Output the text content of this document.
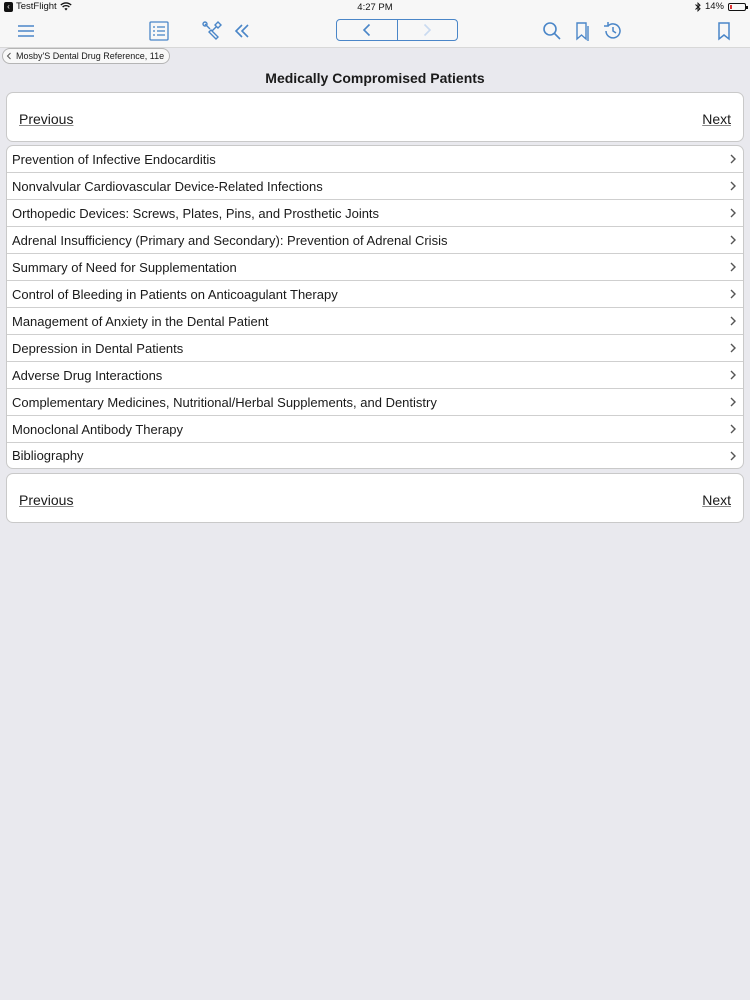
‹ TestFlight	4:27 PM	14%
Mosby'S Dental Drug Reference, 11e
Medically Compromised Patients
Previous	Next
Prevention of Infective Endocarditis
Nonvalvular Cardiovascular Device-Related Infections
Orthopedic Devices: Screws, Plates, Pins, and Prosthetic Joints
Adrenal Insufficiency (Primary and Secondary): Prevention of Adrenal Crisis
Summary of Need for Supplementation
Control of Bleeding in Patients on Anticoagulant Therapy
Management of Anxiety in the Dental Patient
Depression in Dental Patients
Adverse Drug Interactions
Complementary Medicines, Nutritional/Herbal Supplements, and Dentistry
Monoclonal Antibody Therapy
Bibliography
Previous	Next
